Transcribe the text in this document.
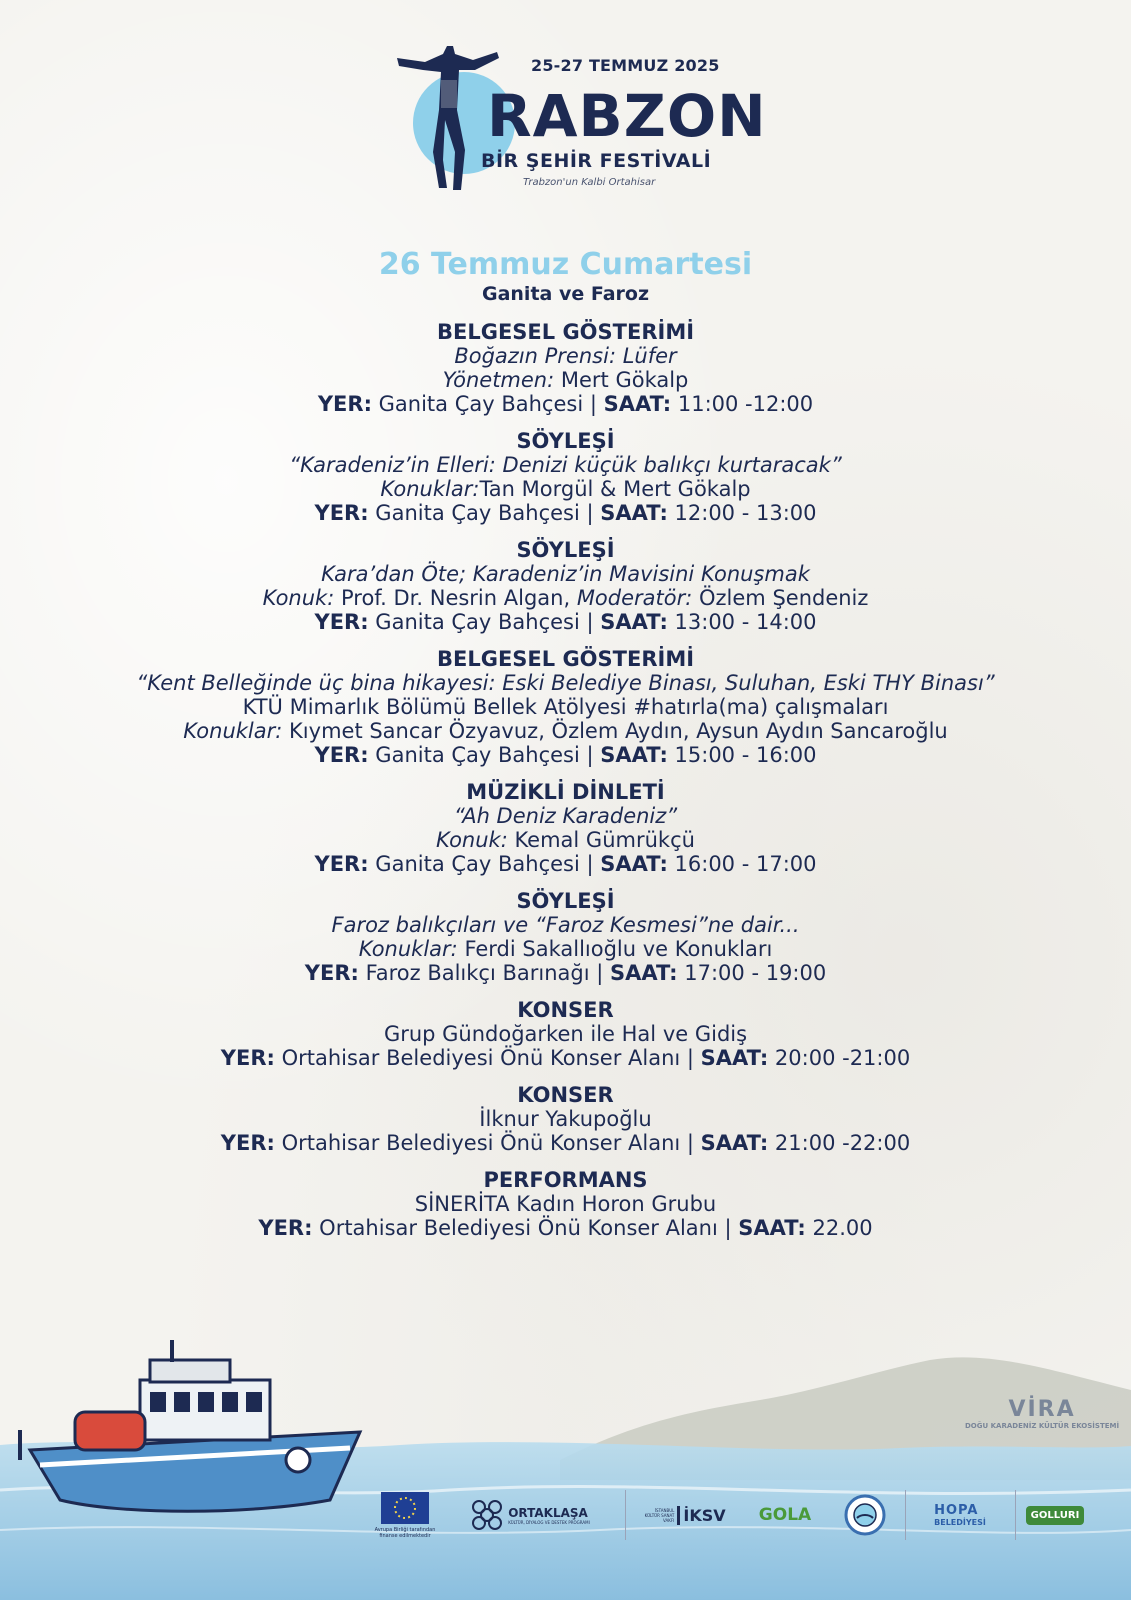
25-27 TEMMUZ 2025
RABZON
BİR ŞEHİR FESTİVALİ
Trabzon'un Kalbi Ortahisar
26 Temmuz Cumartesi
Ganita ve Faroz
BELGESEL GÖSTERİMİ
Boğazın Prensi: Lüfer
Yönetmen: Mert Gökalp
YER: Ganita Çay Bahçesi | SAAT: 11:00 -12:00
SÖYLEŞİ
“Karadeniz’in Elleri: Denizi küçük balıkçı kurtaracak”
Konuklar:Tan Morgül & Mert Gökalp
YER: Ganita Çay Bahçesi | SAAT: 12:00 - 13:00
SÖYLEŞİ
Kara’dan Öte; Karadeniz’in Mavisini Konuşmak
Konuk: Prof. Dr. Nesrin Algan, Moderatör: Özlem Şendeniz
YER: Ganita Çay Bahçesi | SAAT: 13:00 - 14:00
BELGESEL GÖSTERİMİ
“Kent Belleğinde üç bina hikayesi: Eski Belediye Binası, Suluhan, Eski THY Binası”
KTÜ Mimarlık Bölümü Bellek Atölyesi #hatırla(ma) çalışmaları
Konuklar: Kıymet Sancar Özyavuz, Özlem Aydın, Aysun Aydın Sancaroğlu
YER: Ganita Çay Bahçesi | SAAT: 15:00 - 16:00
MÜZİKLİ DİNLETİ
“Ah Deniz Karadeniz”
Konuk: Kemal Gümrükçü
YER: Ganita Çay Bahçesi | SAAT: 16:00 - 17:00
SÖYLEŞİ
Faroz balıkçıları ve “Faroz Kesmesi”ne dair...
Konuklar: Ferdi Sakallıoğlu ve Konukları
YER: Faroz Balıkçı Barınağı | SAAT: 17:00 - 19:00
KONSER
Grup Gündoğarken ile Hal ve Gidiş
YER: Ortahisar Belediyesi Önü Konser Alanı | SAAT: 20:00 -21:00
KONSER
İlknur Yakupoğlu
YER: Ortahisar Belediyesi Önü Konser Alanı | SAAT: 21:00 -22:00
PERFORMANS
SİNERİTA Kadın Horon Grubu
YER: Ortahisar Belediyesi Önü Konser Alanı | SAAT: 22.00
VİRA
DOĞU KARADENİZ KÜLTÜR EKOSİSTEMİ
Avrupa Birliği tarafından finanse edilmektedir
ORTAKLAŞA
KÜLTÜR, DİYALOG VE DESTEK PROGRAMI
İSTANBUL KÜLTÜR SANAT VAKFI İKSV GOLA	HOPA
BELEDİYESİ
GOLLURI
